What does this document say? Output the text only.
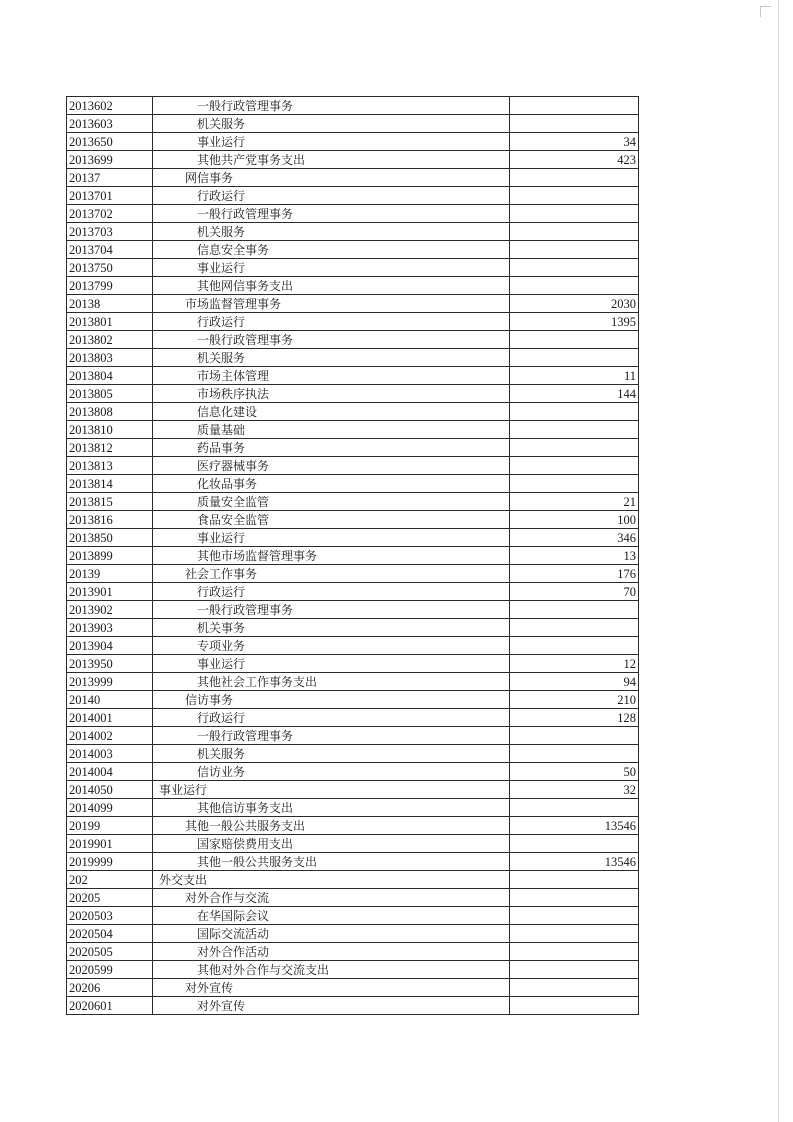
2013602	一般行政管理事务	
2013603	机关服务	
2013650	事业运行	34
2013699	其他共产党事务支出	423
20137	网信事务	
2013701	行政运行	
2013702	一般行政管理事务	
2013703	机关服务	
2013704	信息安全事务	
2013750	事业运行	
2013799	其他网信事务支出	
20138	市场监督管理事务	2030
2013801	行政运行	1395
2013802	一般行政管理事务	
2013803	机关服务	
2013804	市场主体管理	11
2013805	市场秩序执法	144
2013808	信息化建设	
2013810	质量基础	
2013812	药品事务	
2013813	医疗器械事务	
2013814	化妆品事务	
2013815	质量安全监管	21
2013816	食品安全监管	100
2013850	事业运行	346
2013899	其他市场监督管理事务	13
20139	社会工作事务	176
2013901	行政运行	70
2013902	一般行政管理事务	
2013903	机关事务	
2013904	专项业务	
2013950	事业运行	12
2013999	其他社会工作事务支出	94
20140	信访事务	210
2014001	行政运行	128
2014002	一般行政管理事务	
2014003	机关服务	
2014004	信访业务	50
2014050	事业运行	32
2014099	其他信访事务支出	
20199	其他一般公共服务支出	13546
2019901	国家赔偿费用支出	
2019999	其他一般公共服务支出	13546
202	外交支出	
20205	对外合作与交流	
2020503	在华国际会议	
2020504	国际交流活动	
2020505	对外合作活动	
2020599	其他对外合作与交流支出	
20206	对外宣传	
2020601	对外宣传	
